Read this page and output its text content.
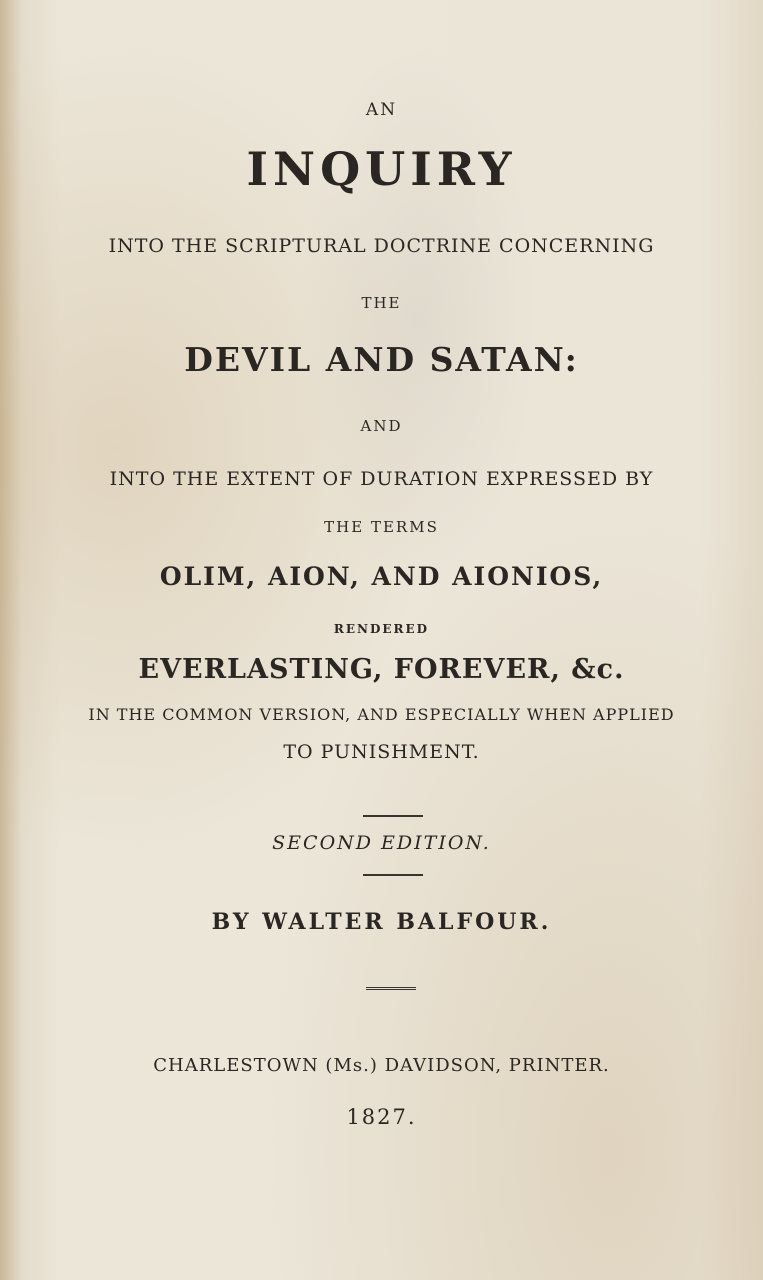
AN
INQUIRY
INTO THE SCRIPTURAL DOCTRINE CONCERNING
THE
DEVIL AND SATAN:
AND
INTO THE EXTENT OF DURATION EXPRESSED BY
THE TERMS
OLIM, AION, AND AIONIOS,
RENDERED
EVERLASTING, FOREVER, &c.
IN THE COMMON VERSION, AND ESPECIALLY WHEN APPLIED
TO PUNISHMENT.
SECOND EDITION.
BY WALTER BALFOUR.
CHARLESTOWN (Ms.) DAVIDSON, PRINTER.
1827.
